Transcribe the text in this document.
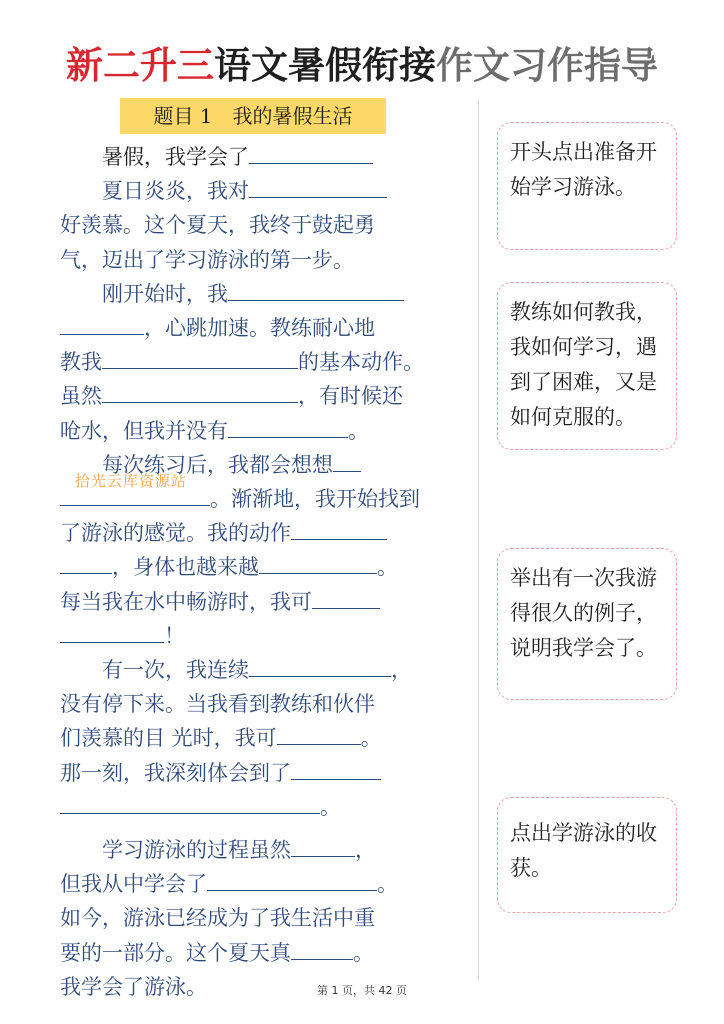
新二升三语文暑假衔接作文习作指导
题目 1　我的暑假生活

暑假，我学会了

夏日炎炎，我对

好羡慕。这个夏天，我终于鼓起勇

气，迈出了学习游泳的第一步。

刚开始时，我

，心跳加速。教练耐心地

教我	的基本动作。

虽然	，有时候还

呛水，但我并没有	。

每次练习后，我都会想想

。渐渐地，我开始找到

了游泳的感觉。我的动作

，身体也越来越	。

每当我在水中畅游时，我可

！

有一次，我连续	，

没有停下来。当我看到教练和伙伴

们羡慕的目 光时，我可	。

那一刻，我深刻体会到了

。

学习游泳的过程虽然	，

但我从中学会了	。

如今，游泳已经成为了我生活中重

要的一部分。这个夏天真	。

我学会了游泳。

拾光云库资源站
开头点出准备开始学习游泳。
教练如何教我，我如何学习，遇到了困难，又是如何克服的。
举出有一次我游得很久的例子，说明我学会了。
点出学游泳的收获。
第 1 页，共 42 页
